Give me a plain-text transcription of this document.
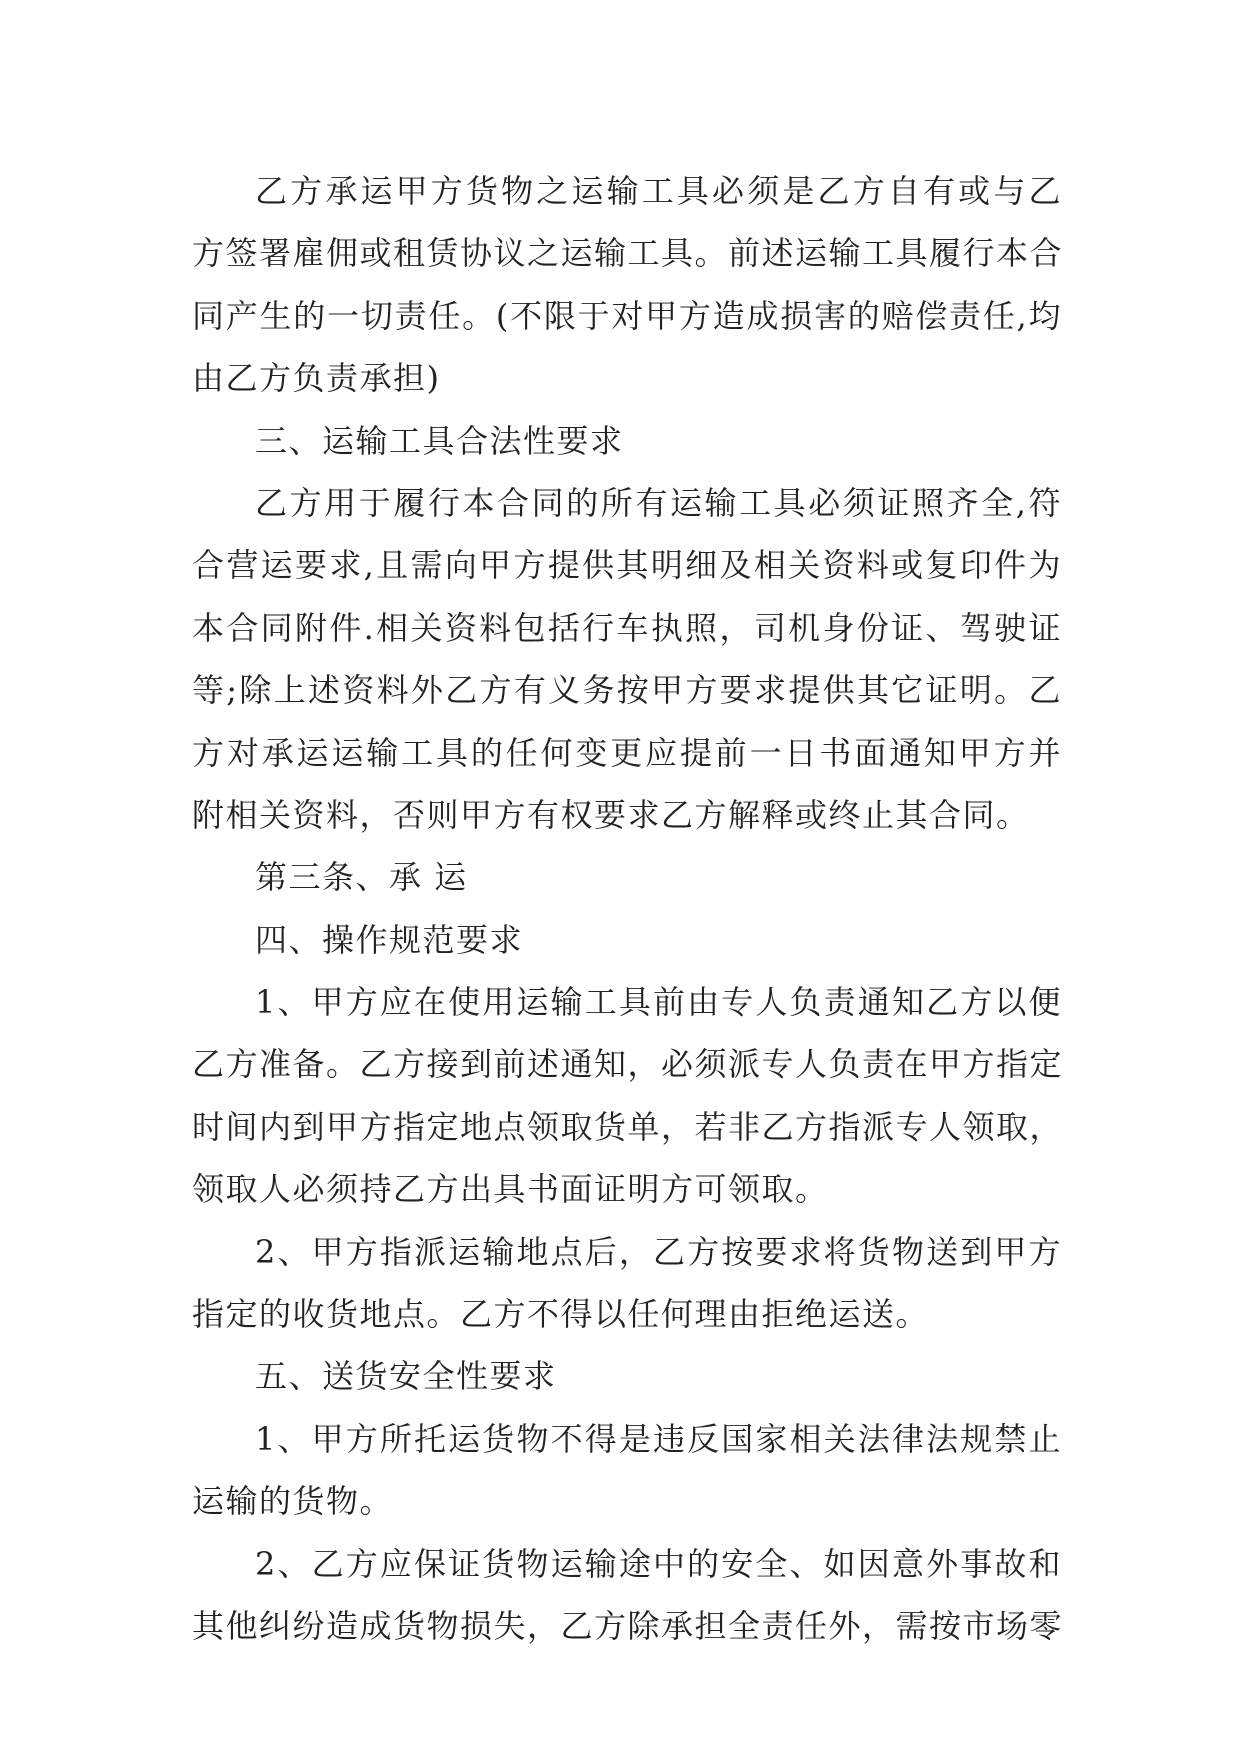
乙方承运甲方货物之运输工具必须是乙方自有或与乙
方签署雇佣或租赁协议之运输工具。前述运输工具履行本合
同产生的一切责任。(不限于对甲方造成损害的赔偿责任,均
由乙方负责承担)
三、运输工具合法性要求
乙方用于履行本合同的所有运输工具必须证照齐全,符
合营运要求,且需向甲方提供其明细及相关资料或复印件为
本合同附件.相关资料包括行车执照，司机身份证、驾驶证
等;除上述资料外乙方有义务按甲方要求提供其它证明。乙
方对承运运输工具的任何变更应提前一日书面通知甲方并
附相关资料，否则甲方有权要求乙方解释或终止其合同。
第三条、承 运
四、操作规范要求
1、甲方应在使用运输工具前由专人负责通知乙方以便
乙方准备。乙方接到前述通知，必须派专人负责在甲方指定
时间内到甲方指定地点领取货单，若非乙方指派专人领取，
领取人必须持乙方出具书面证明方可领取。
2、甲方指派运输地点后，乙方按要求将货物送到甲方
指定的收货地点。乙方不得以任何理由拒绝运送。
五、送货安全性要求
1、甲方所托运货物不得是违反国家相关法律法规禁止
运输的货物。
2、乙方应保证货物运输途中的安全、如因意外事故和
其他纠纷造成货物损失，乙方除承担全责任外，需按市场零
